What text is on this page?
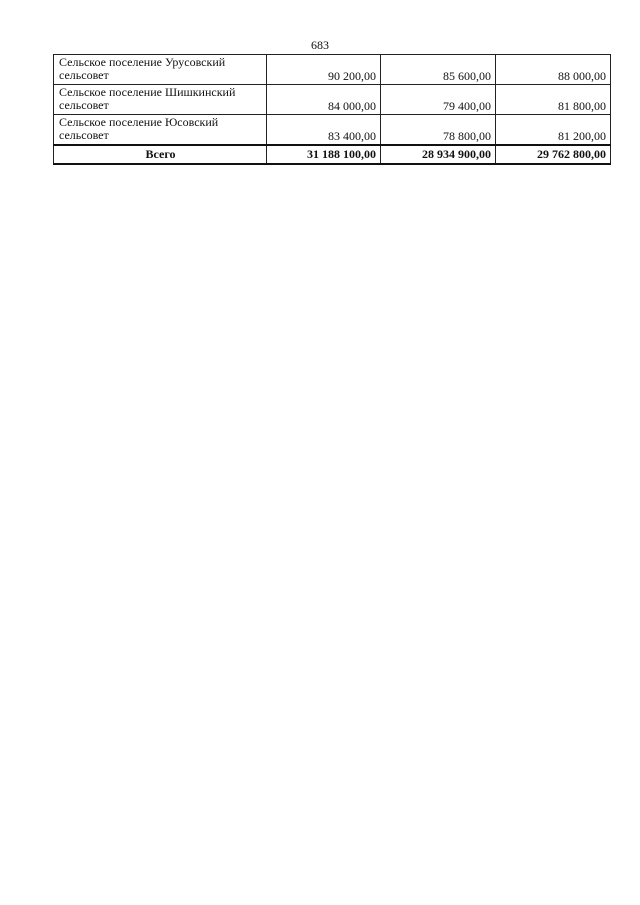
683
Сельское поселение Урусовский сельсовет	90 200,00	85 600,00	88 000,00
Сельское поселение Шишкинский сельсовет	84 000,00	79 400,00	81 800,00
Сельское поселение Юсовский сельсовет	83 400,00	78 800,00	81 200,00
Всего	31 188 100,00	28 934 900,00	29 762 800,00
